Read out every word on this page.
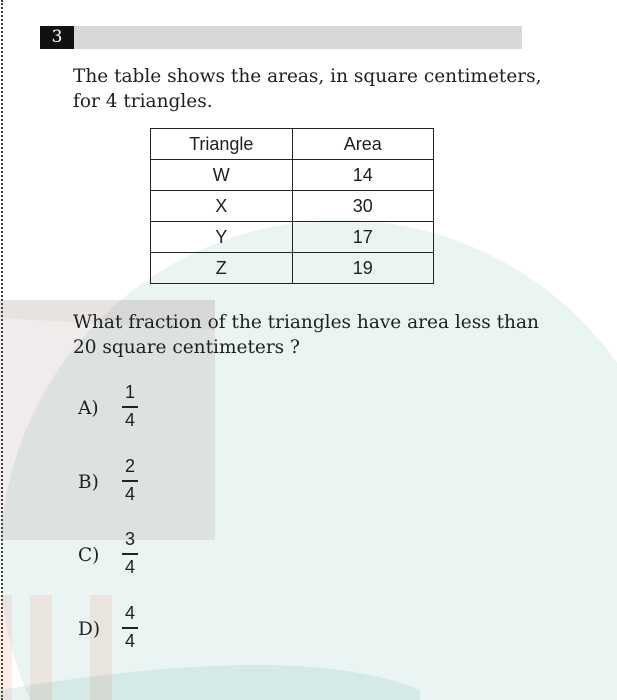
3

The table shows the areas, in square centimeters, for 4 triangles.

Triangle	Area
W	14
X	30
Y	17
Z	19

What fraction of the triangles have area less than 20 square centimeters ?

A)
1
4
B)
2
4
C)
3
4
D)
4
4
